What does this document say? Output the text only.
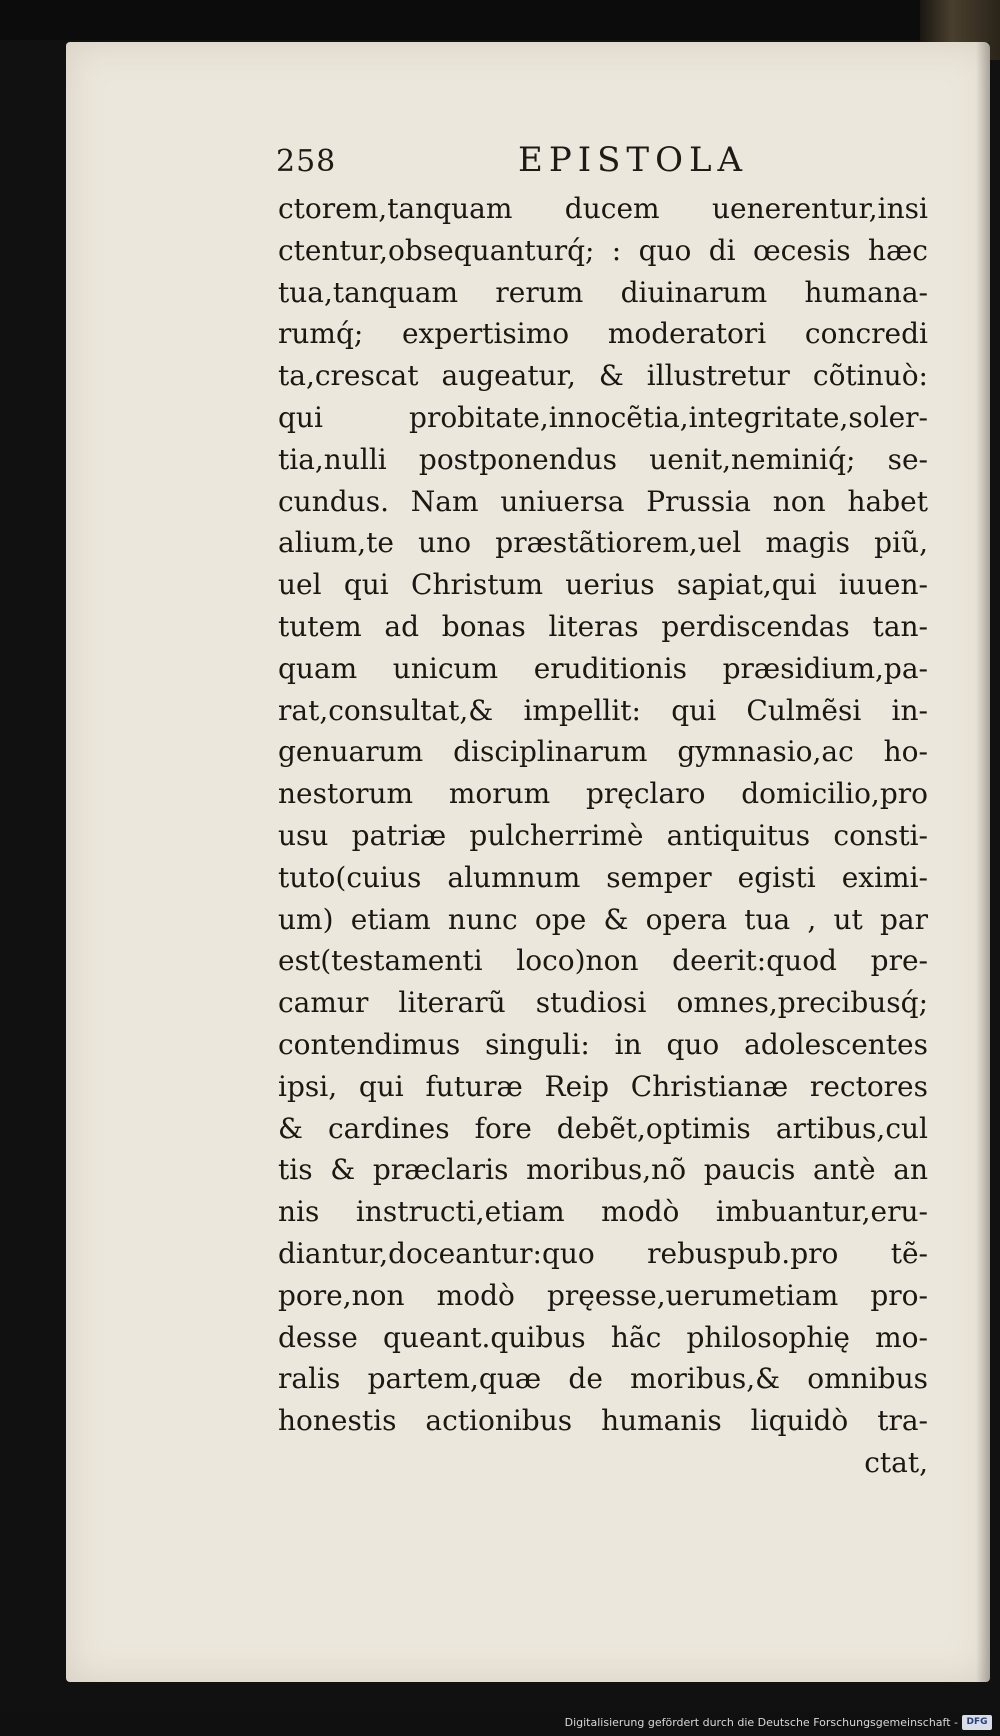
258	EPISTOLA
ctorem,tanquam ducem uenerentur,insi
ctentur,obsequanturq́; : quo di œcesis hæc
tua,tanquam rerum diuinarum humana-
rumq́; expertisimo moderatori concredi
ta,crescat augeatur, & illustretur cõtinuò:
qui probitate,innocẽtia,integritate,soler-
tia,nulli postponendus uenit,neminiq́; se-
cundus. Nam uniuersa Prussia non habet
alium,te uno præstãtiorem,uel magis piũ,
uel qui Christum uerius sapiat,qui iuuen-
tutem ad bonas literas perdiscendas tan-
quam unicum eruditionis præsidium,pa-
rat,consultat,& impellit: qui Culmẽsi in-
genuarum disciplinarum gymnasio,ac ho-
nestorum morum pręclaro domicilio,pro
usu patriæ pulcherrimè antiquitus consti-
tuto(cuius alumnum semper egisti eximi-
um) etiam nunc ope & opera tua , ut par
est(testamenti loco)non deerit:quod pre-
camur literarũ studiosi omnes,precibusq́;
contendimus singuli: in quo adolescentes
ipsi, qui futuræ Reip Christianæ rectores
& cardines fore debẽt,optimis artibus,cul
tis & præclaris moribus,nõ paucis antè an
nis instructi,etiam modò imbuantur,eru-
diantur,doceantur:quo rebuspub.pro tẽ-
pore,non modò pręesse,uerumetiam pro-
desse queant.quibus hãc philosophię mo-
ralis partem,quæ de moribus,& omnibus
honestis actionibus humanis liquidò tra-
ctat,
Digitalisierung gefördert durch die Deutsche Forschungsgemeinschaft - DFG
